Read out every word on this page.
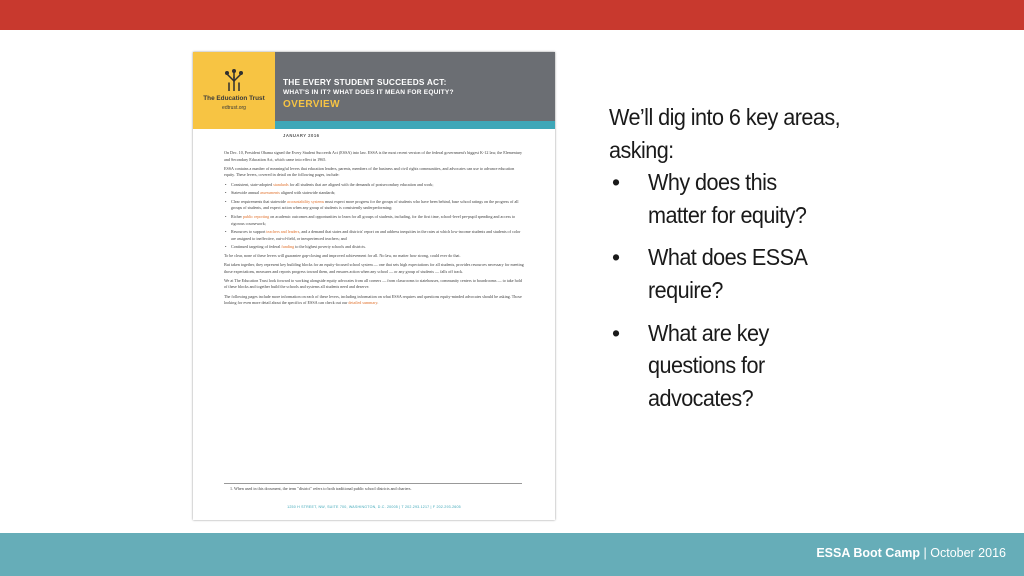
The Education Trust
edtrust.org
THE EVERY STUDENT SUCCEEDS ACT:
WHAT'S IN IT? WHAT DOES IT MEAN FOR EQUITY?
OVERVIEW
JANUARY 2016

On Dec. 10, President Obama signed the Every Student Succeeds Act (ESSA) into law. ESSA is the most recent version of the federal government's biggest K-12 law, the Elementary and Secondary Education Act, which came into effect in 1965.

ESSA contains a number of meaningful levers that education leaders, parents, members of the business and civil rights communities, and advocates can use to advance education equity. These levers, covered in detail on the following pages, include:

• Consistent, state-adopted standards for all students that are aligned with the demands of postsecondary education and work;
• Statewide annual assessments aligned with statewide standards;
• Clear requirements that statewide accountability systems must expect more progress for the groups of students who have been behind, base school ratings on the progress of all groups of students, and expect action when any group of students is consistently underperforming;
• Richer public reporting on academic outcomes and opportunities to learn for all groups of students, including, for the first time, school-level per-pupil spending and access to rigorous coursework;
• Resources to support teachers and leaders, and a demand that states and districts' report on and address inequities in the rates at which low-income students and students of color are assigned to ineffective, out-of-field, or inexperienced teachers; and
• Continued targeting of federal funding to the highest poverty schools and districts.

To be clear, none of these levers will guarantee gap-closing and improved achievement for all. No law, no matter how strong, could ever do that.

But taken together, they represent key building blocks for an equity-focused school system — one that sets high expectations for all students, provides resources necessary for meeting those expectations, measures and reports progress toward them, and ensures action when any school — or any group of students — falls off track.

We at The Education Trust look forward to working alongside equity advocates from all corners — from classrooms to statehouses, community centers to boardrooms — to take hold of these blocks and together build the schools and systems all students need and deserve.

The following pages include more information on each of these levers, including information on what ESSA requires and questions equity-minded advocates should be asking. Those looking for even more detail about the specifics of ESSA can check out our detailed summary.

1. When used in this document, the term "district" refers to both traditional public school districts and charters.
1250 H STREET, NW, SUITE 700, WASHINGTON, D.C. 20005 | T 202.293.1217 | F 202.293.2605
We’ll dig into 6 key areas, asking:
• Why does this matter for equity?
• What does ESSA require?
• What are key questions for advocates?
ESSA Boot Camp | October 2016
